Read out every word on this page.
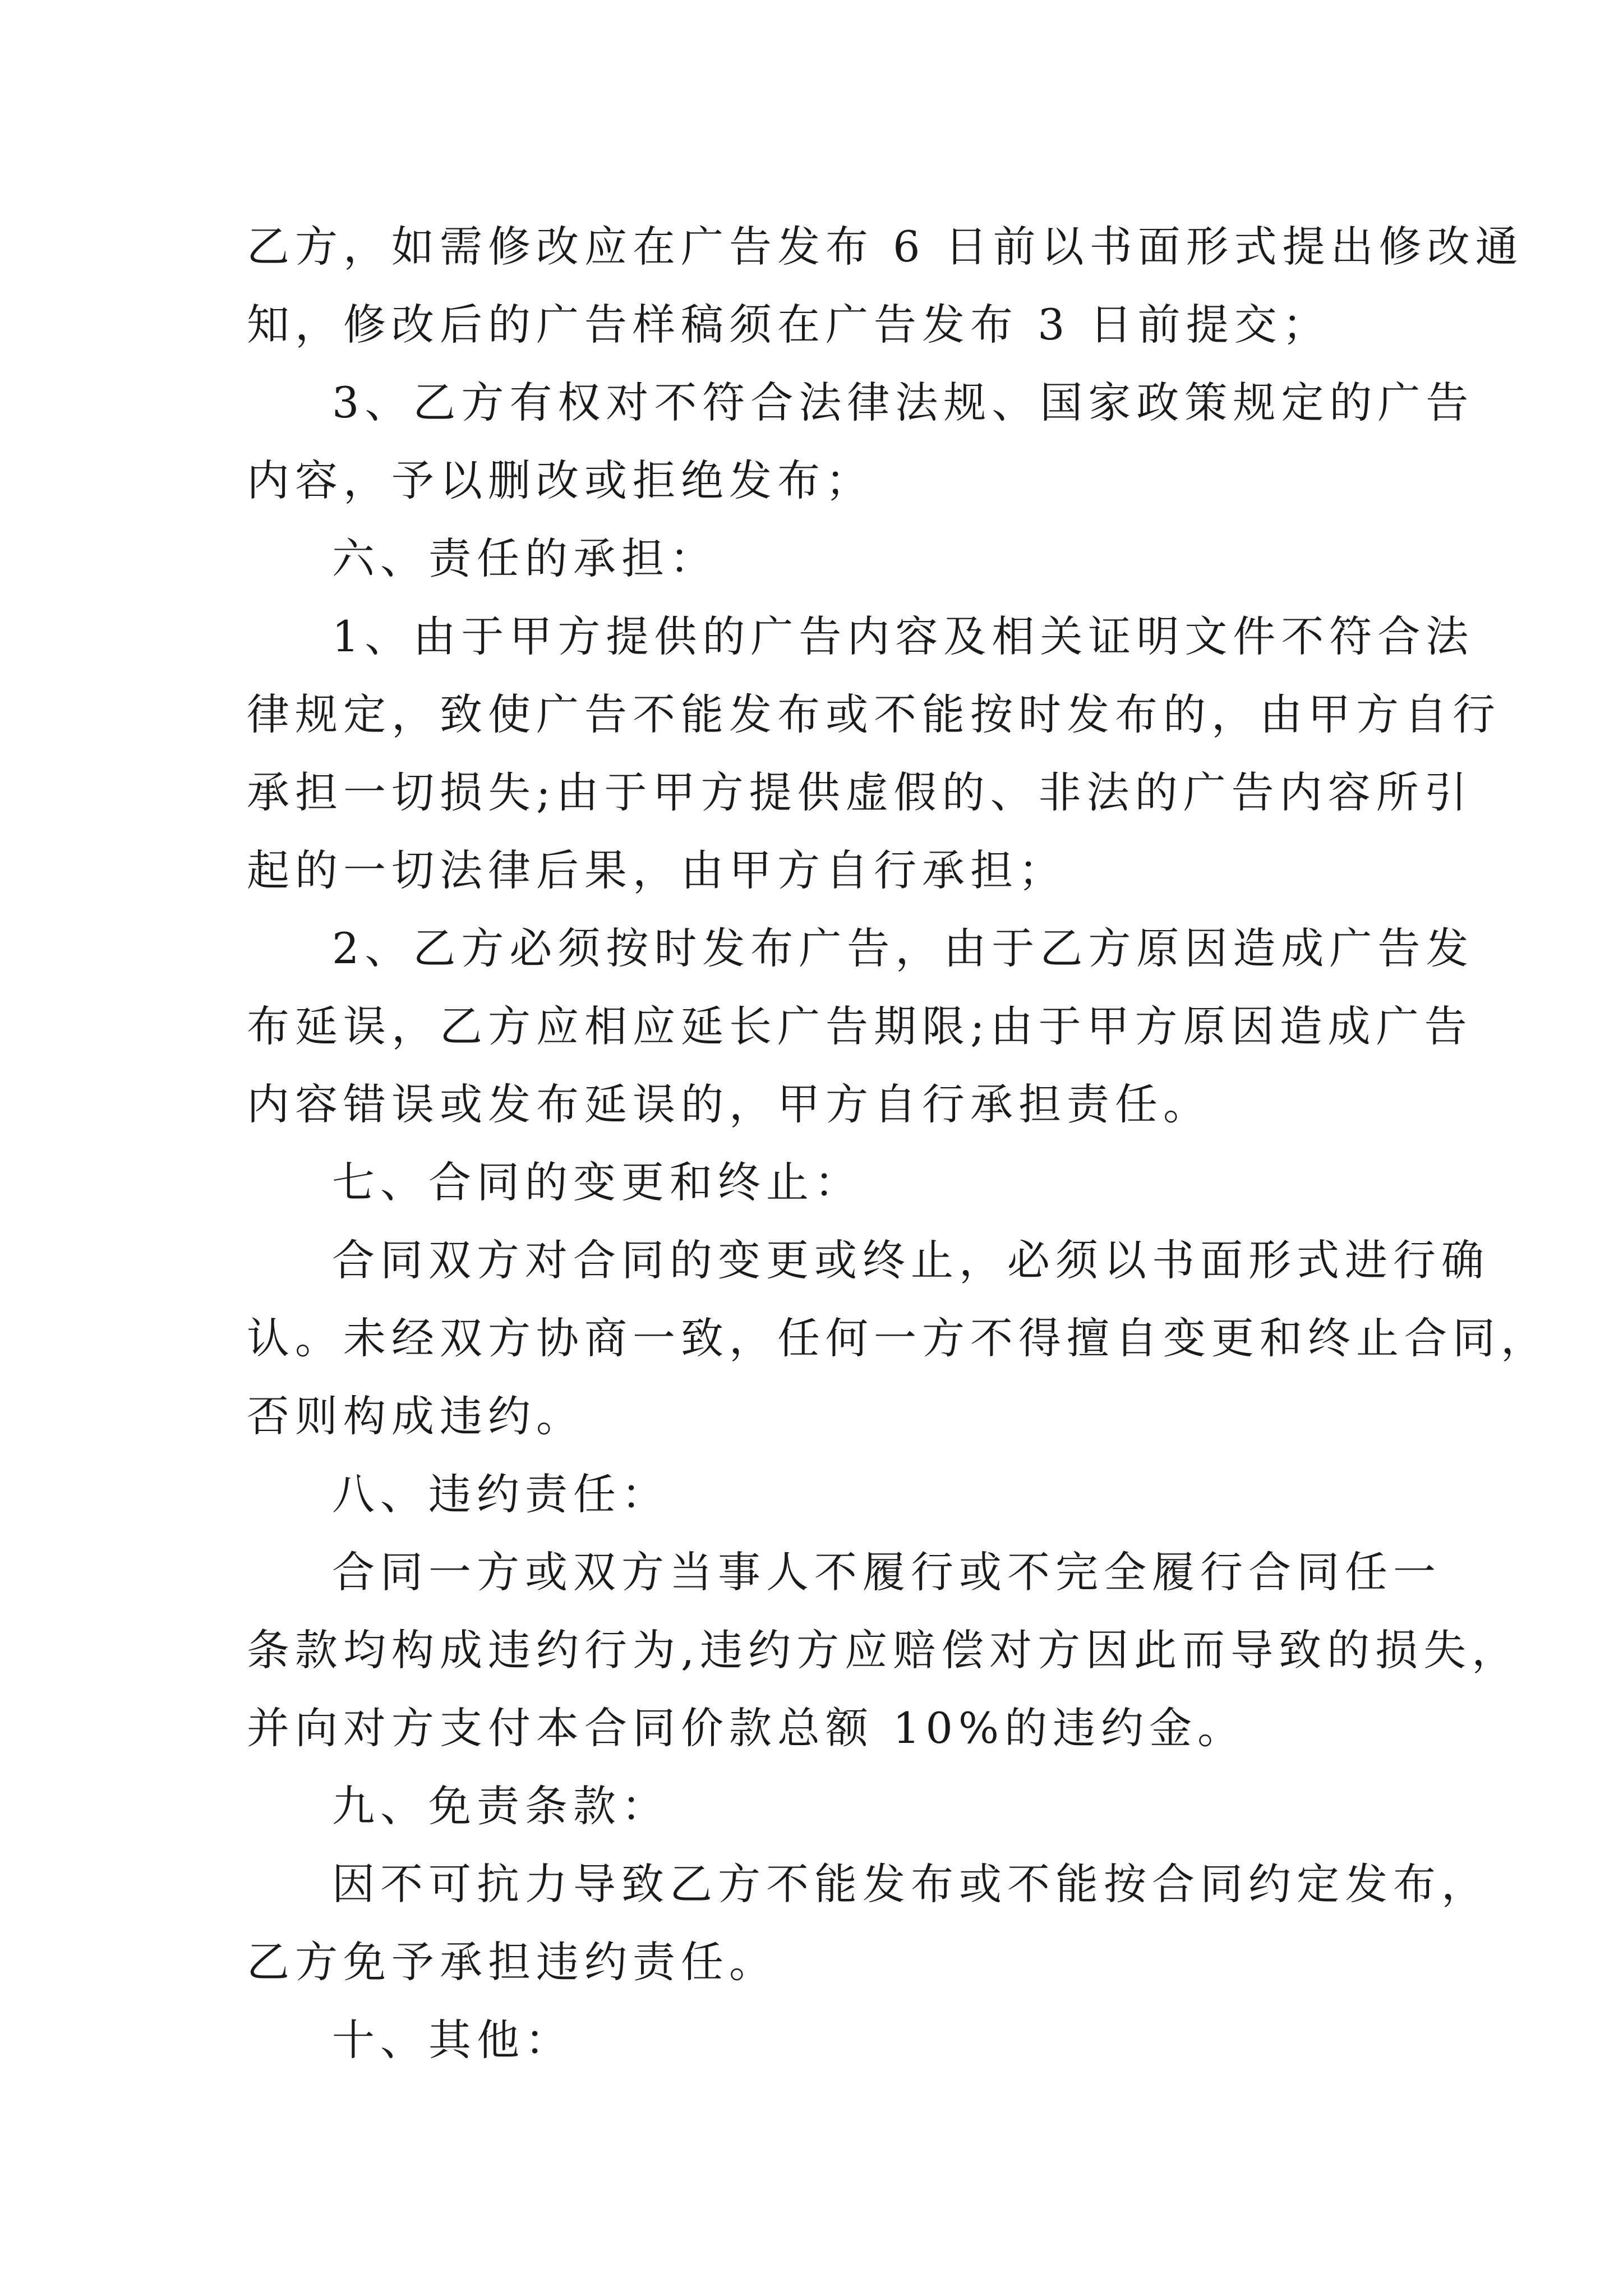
乙方，如需修改应在广告发布 6 日前以书面形式提出修改通
知，修改后的广告样稿须在广告发布 3 日前提交；
3、乙方有权对不符合法律法规、国家政策规定的广告
内容，予以删改或拒绝发布；
六、责任的承担：
1、由于甲方提供的广告内容及相关证明文件不符合法
律规定，致使广告不能发布或不能按时发布的，由甲方自行
承担一切损失;由于甲方提供虚假的、非法的广告内容所引
起的一切法律后果，由甲方自行承担；
2、乙方必须按时发布广告，由于乙方原因造成广告发
布延误，乙方应相应延长广告期限;由于甲方原因造成广告
内容错误或发布延误的，甲方自行承担责任。
七、合同的变更和终止：
合同双方对合同的变更或终止，必须以书面形式进行确
认。未经双方协商一致，任何一方不得擅自变更和终止合同，
否则构成违约。
八、违约责任：
合同一方或双方当事人不履行或不完全履行合同任一
条款均构成违约行为,违约方应赔偿对方因此而导致的损失，
并向对方支付本合同价款总额 10%的违约金。
九、免责条款：
因不可抗力导致乙方不能发布或不能按合同约定发布，
乙方免予承担违约责任。
十、其他：
